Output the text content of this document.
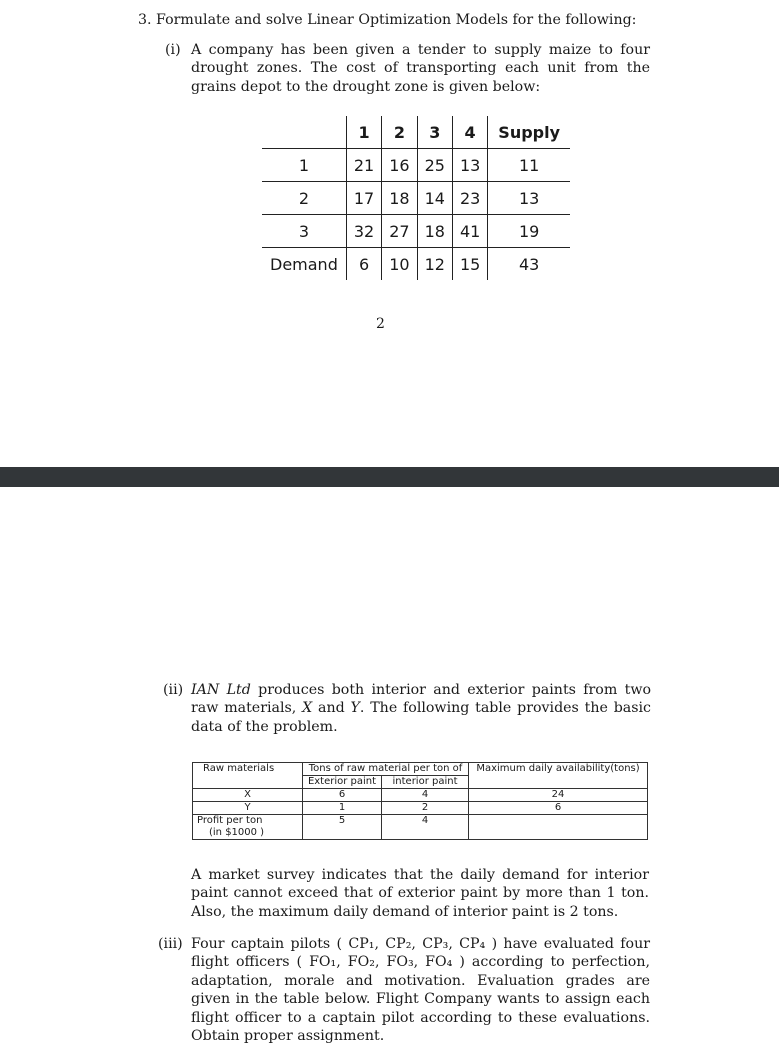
3. Formulate and solve Linear Optimization Models for the following:
(i) A company has been given a tender to supply maize to four drought zones. The cost of transporting each unit from the grains depot to the drought zone is given below:
	1	2	3	4	Supply
1	21	16	25	13	11
2	17	18	14	23	13
3	32	27	18	41	19
Demand	6	10	12	15	43
2
(ii) IAN Ltd produces both interior and exterior paints from two raw materials, X and Y. The following table provides the basic data of the problem.
Raw materials	Tons of raw material per ton of		Maximum daily availability(tons)
	Exterior paint	interior paint	
X	6	4	24
Y	1	2	6

Profit per ton
(in $1000 )	5	4	
A market survey indicates that the daily demand for interior paint cannot exceed that of exterior paint by more than 1 ton. Also, the maximum daily demand of interior paint is 2 tons.
(iii) Four captain pilots ( CP₁, CP₂, CP₃, CP₄ ) have evaluated four flight officers ( FO₁, FO₂, FO₃, FO₄ ) according to perfection, adaptation, morale and motivation. Evaluation grades are given in the table below. Flight Company wants to assign each flight officer to a captain pilot according to these evaluations. Obtain proper assignment.
